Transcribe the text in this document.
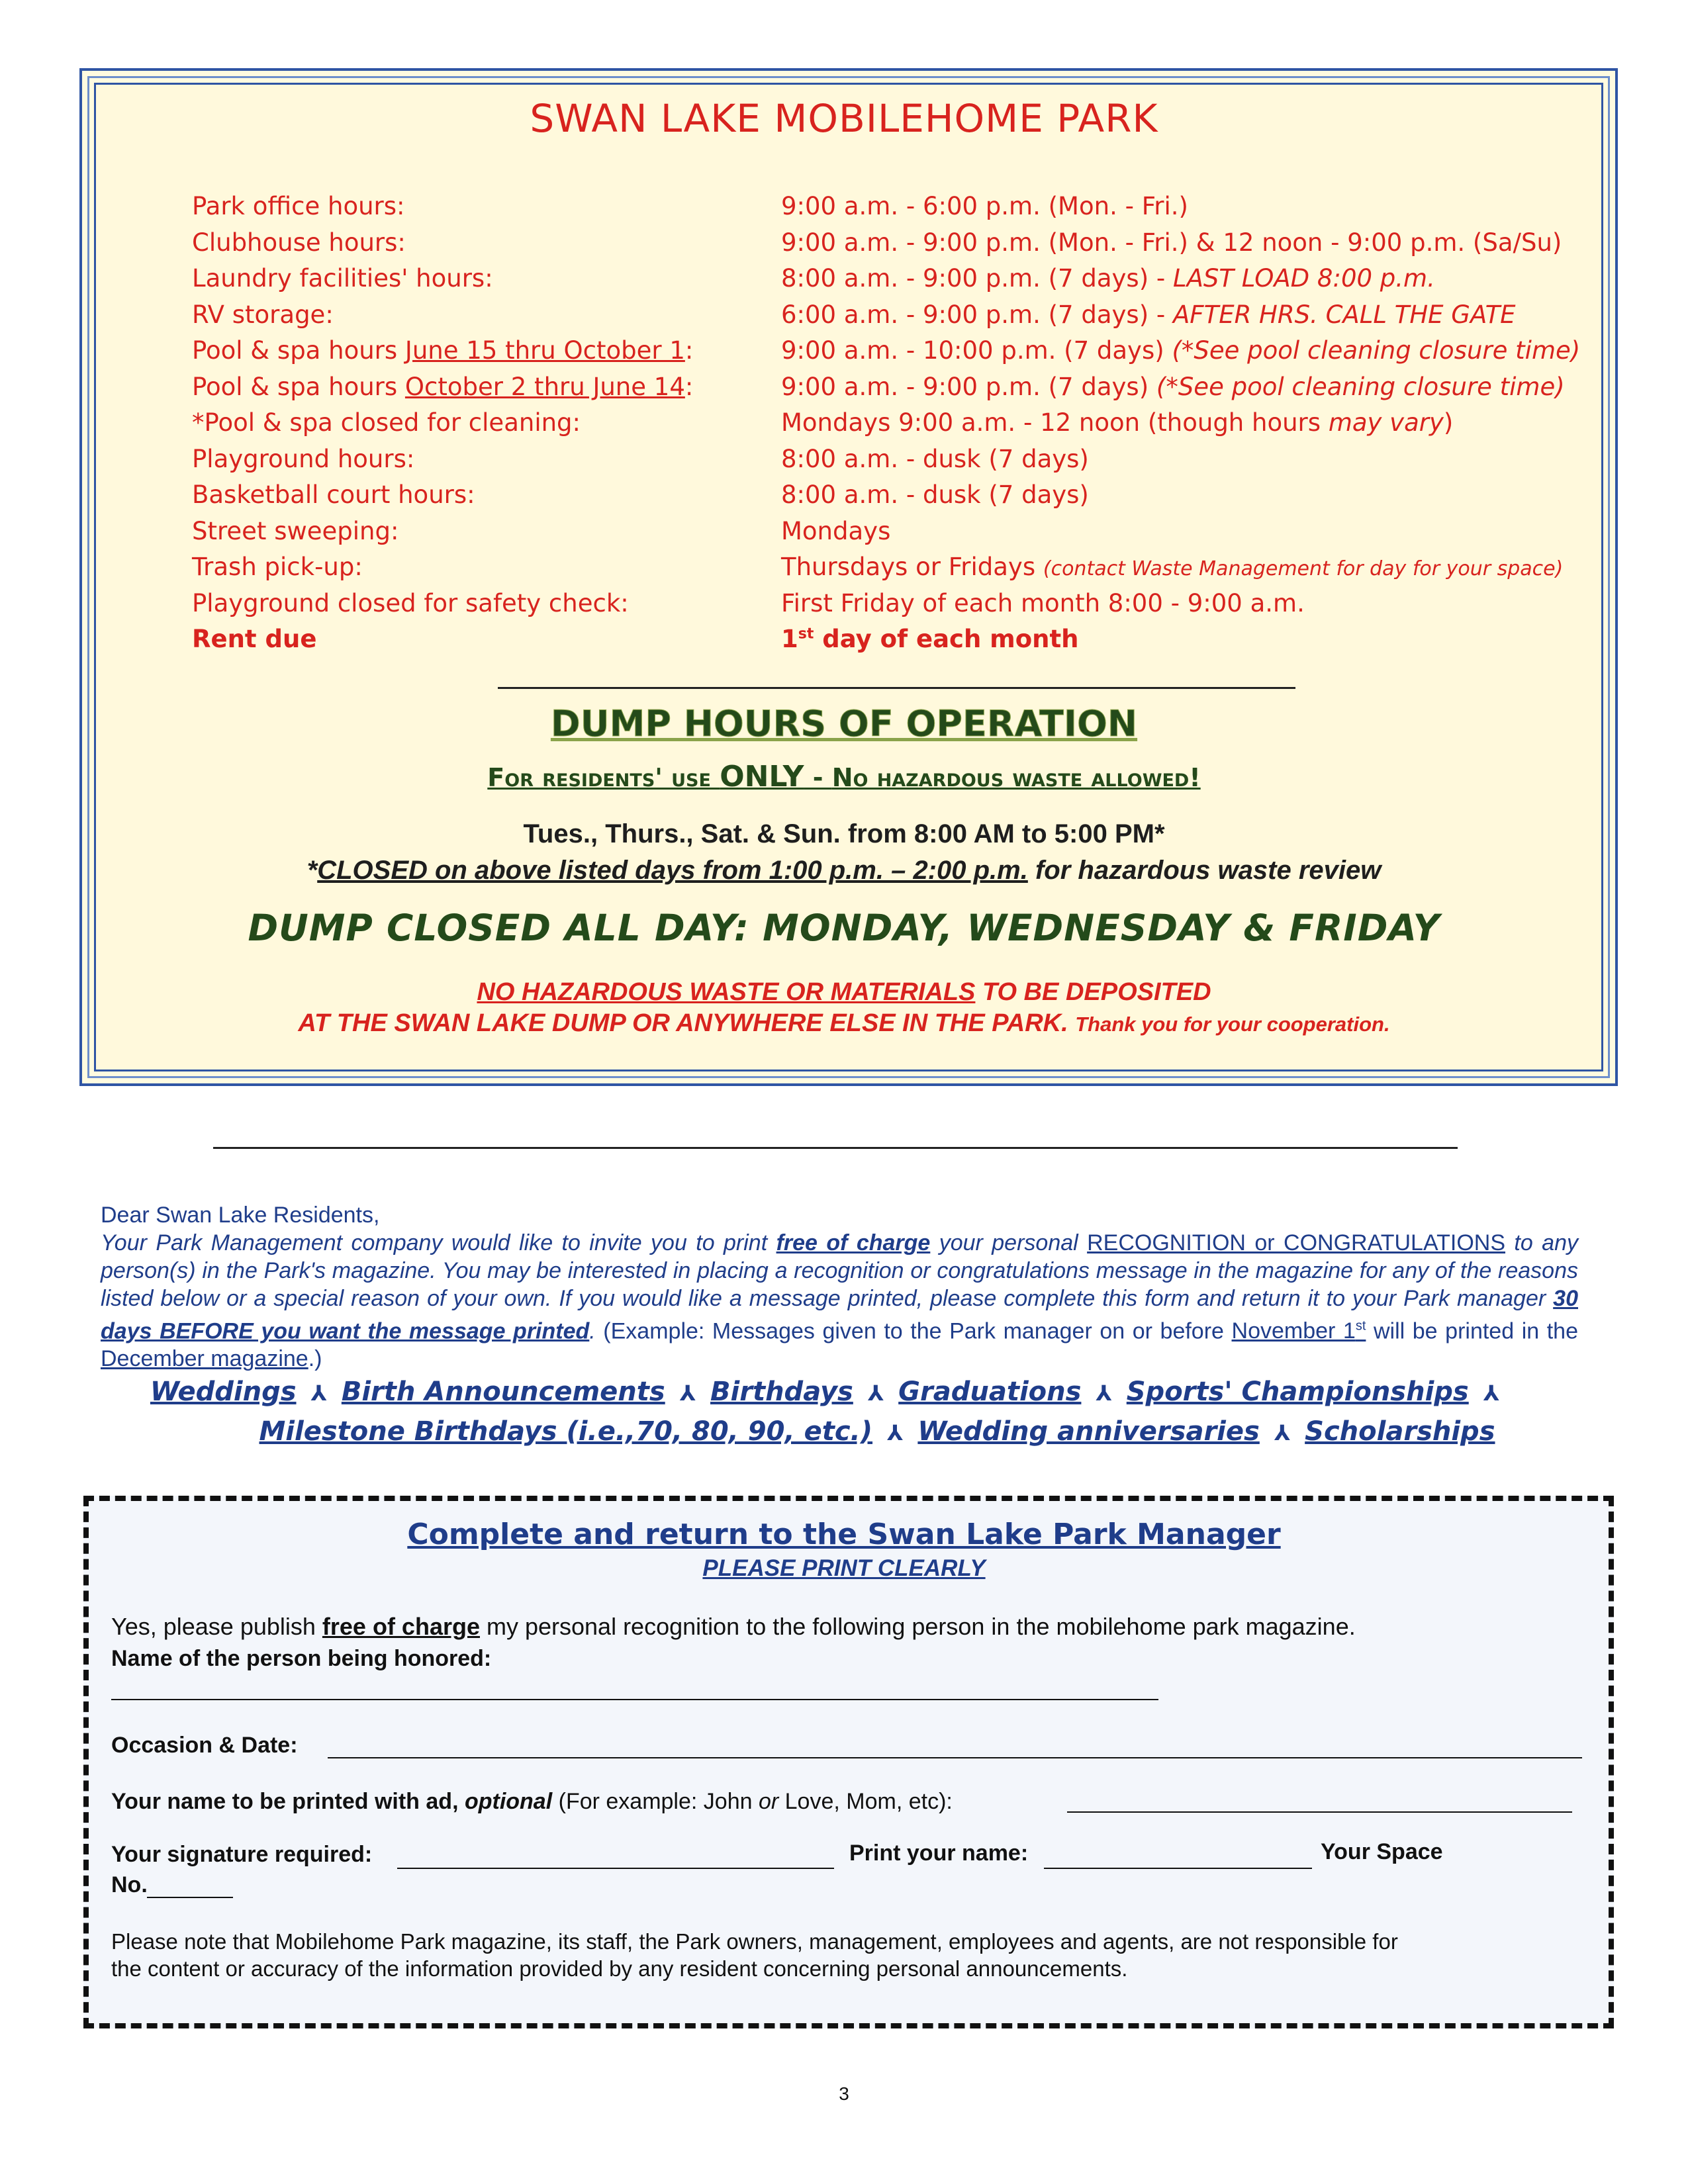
SWAN LAKE MOBILEHOME PARK
Park office hours:	9:00 a.m. - 6:00 p.m. (Mon. - Fri.)
Clubhouse hours:	9:00 a.m. - 9:00 p.m. (Mon. - Fri.) & 12 noon - 9:00 p.m. (Sa/Su)
Laundry facilities' hours:	8:00 a.m. - 9:00 p.m. (7 days) - LAST LOAD 8:00 p.m.
RV storage:	6:00 a.m. - 9:00 p.m. (7 days) - AFTER HRS. CALL THE GATE
Pool & spa hours June 15 thru October 1:	9:00 a.m. - 10:00 p.m. (7 days) (*See pool cleaning closure time)
Pool & spa hours October 2 thru June 14:	9:00 a.m. - 9:00 p.m. (7 days) (*See pool cleaning closure time)
*Pool & spa closed for cleaning:	Mondays 9:00 a.m. - 12 noon (though hours may vary)
Playground hours:	8:00 a.m. - dusk (7 days)
Basketball court hours:	8:00 a.m. - dusk (7 days)
Street sweeping:	Mondays
Trash pick-up:	Thursdays or Fridays (contact Waste Management for day for your space)
Playground closed for safety check:	First Friday of each month 8:00 - 9:00 a.m.
Rent due	1st day of each month
DUMP HOURS OF OPERATION
For residents' use ONLY - No hazardous waste allowed!
Tues., Thurs., Sat. & Sun. from 8:00 AM to 5:00 PM*
*CLOSED on above listed days from 1:00 p.m. – 2:00 p.m. for hazardous waste review
DUMP CLOSED ALL DAY: MONDAY, WEDNESDAY & FRIDAY
NO HAZARDOUS WASTE OR MATERIALS TO BE DEPOSITED
AT THE SWAN LAKE DUMP OR ANYWHERE ELSE IN THE PARK. Thank you for your cooperation.

Dear Swan Lake Residents,

Your Park Management company would like to invite you to print free of charge your personal RECOGNITION or CONGRATULATIONS to any person(s) in the Park's magazine. You may be interested in placing a recognition or congratulations message in the magazine for any of the reasons listed below or a special reason of your own. If you would like a message printed, please complete this form and return it to your Park manager 30 days BEFORE you want the message printed. (Example: Messages given to the Park manager on or before November 1st will be printed in the December magazine.)

Weddings ⅄ Birth Announcements ⅄ Birthdays ⅄ Graduations ⅄ Sports' Championships ⅄
Milestone Birthdays (i.e.,70, 80, 90, etc.) ⅄ Wedding anniversaries ⅄ Scholarships
Complete and return to the Swan Lake Park Manager
PLEASE PRINT CLEARLY
Yes, please publish free of charge my personal recognition to the following person in the mobilehome park magazine.
Name of the person being honored:
Occasion & Date:
Your name to be printed with ad, optional (For example: John or Love, Mom, etc):
Your signature required:	Print your name:	Your Space
No.
Please note that Mobilehome Park magazine, its staff, the Park owners, management, employees and agents, are not responsible for
the content or accuracy of the information provided by any resident concerning personal announcements.
3
